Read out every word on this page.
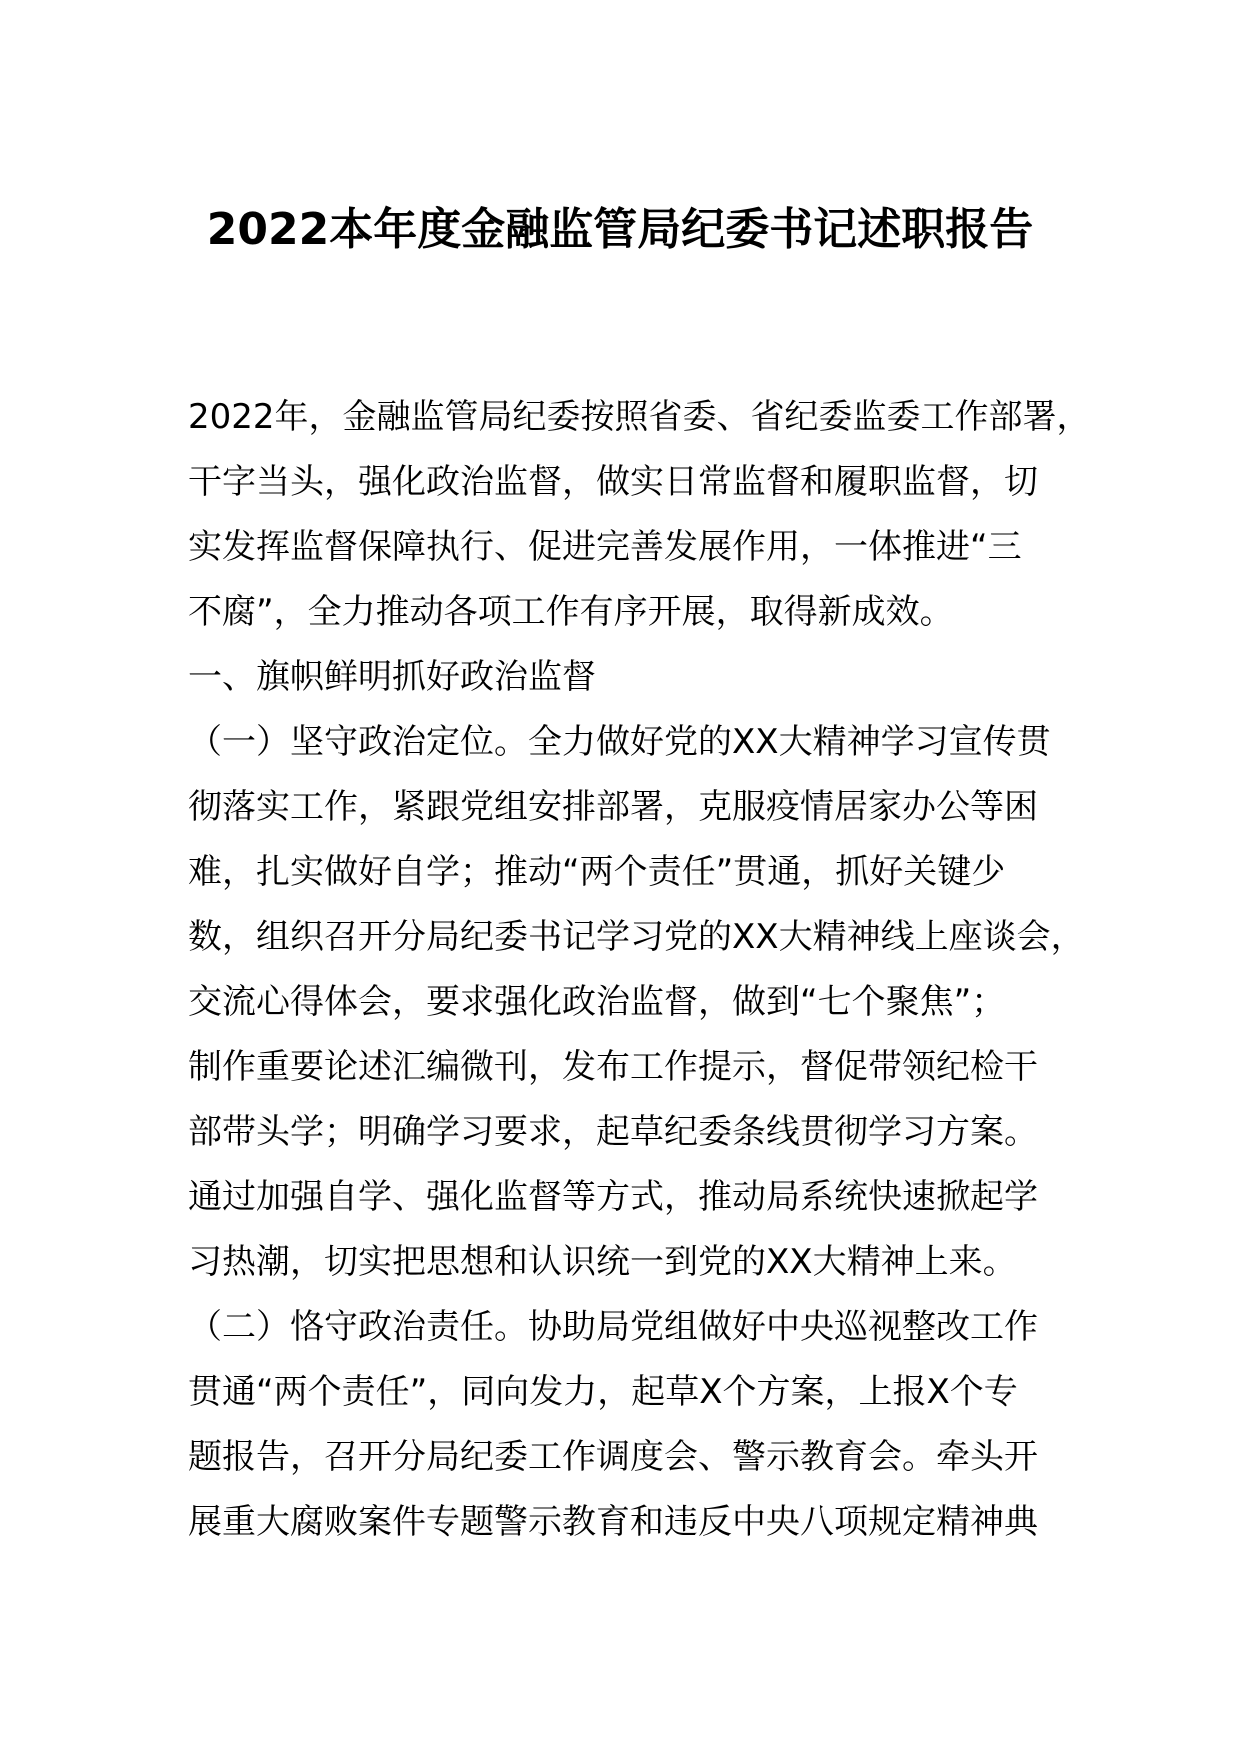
2022本年度金融监管局纪委书记述职报告
2022年，金融监管局纪委按照省委、省纪委监委工作部署，
干字当头，强化政治监督，做实日常监督和履职监督，切
实发挥监督保障执行、促进完善发展作用，一体推进“三
不腐”，全力推动各项工作有序开展，取得新成效。
一、旗帜鲜明抓好政治监督
（一）坚守政治定位。全力做好党的XX大精神学习宣传贯
彻落实工作，紧跟党组安排部署，克服疫情居家办公等困
难，扎实做好自学；推动“两个责任”贯通，抓好关键少
数，组织召开分局纪委书记学习党的XX大精神线上座谈会，
交流心得体会，要求强化政治监督，做到“七个聚焦”；
制作重要论述汇编微刊，发布工作提示，督促带领纪检干
部带头学；明确学习要求，起草纪委条线贯彻学习方案。
通过加强自学、强化监督等方式，推动局系统快速掀起学
习热潮，切实把思想和认识统一到党的XX大精神上来。
（二）恪守政治责任。协助局党组做好中央巡视整改工作
贯通“两个责任”，同向发力，起草X个方案，上报X个专
题报告，召开分局纪委工作调度会、警示教育会。牵头开
展重大腐败案件专题警示教育和违反中央八项规定精神典
